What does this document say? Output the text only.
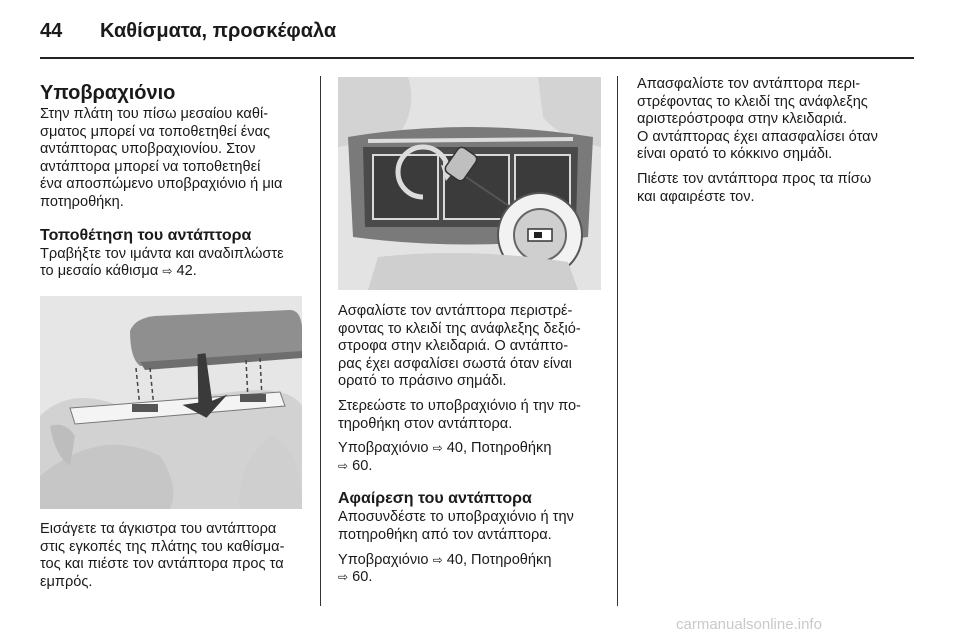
44 Καθίσματα, προσκέφαλα
Υποβραχιόνιο

Στην πλάτη του πίσω μεσαίου καθί-
σματος μπορεί να τοποθετηθεί ένας
αντάπτορας υποβραχιονίου. Στον
αντάπτορα μπορεί να τοποθετηθεί
ένα αποσπώμενο υποβραχιόνιο ή μια
ποτηροθήκη.

Τοποθέτηση του αντάπτορα

Τραβήξτε τον ιμάντα και αναδιπλώστε
το μεσαίο κάθισμα ⇨ 42.

Εισάγετε τα άγκιστρα του αντάπτορα
στις εγκοπές της πλάτης του καθίσμα-
τος και πιέστε τον αντάπτορα προς τα
εμπρός.

Ασφαλίστε τον αντάπτορα περιστρέ-
φοντας το κλειδί της ανάφλεξης δεξιό-
στροφα στην κλειδαριά. Ο αντάπτο-
ρας έχει ασφαλίσει σωστά όταν είναι
ορατό το πράσινο σημάδι.

Στερεώστε το υποβραχιόνιο ή την πο-
τηροθήκη στον αντάπτορα.

Υποβραχιόνιο ⇨ 40, Ποτηροθήκη
⇨ 60.

Αφαίρεση του αντάπτορα

Αποσυνδέστε το υποβραχιόνιο ή την
ποτηροθήκη από τον αντάπτορα.

Υποβραχιόνιο ⇨ 40, Ποτηροθήκη
⇨ 60.

Απασφαλίστε τον αντάπτορα περι-
στρέφοντας το κλειδί της ανάφλεξης
αριστερόστροφα στην κλειδαριά.

Ο αντάπτορας έχει απασφαλίσει όταν
είναι ορατό το κόκκινο σημάδι.

Πιέστε τον αντάπτορα προς τα πίσω
και αφαιρέστε τον.

carmanualsonline.info
